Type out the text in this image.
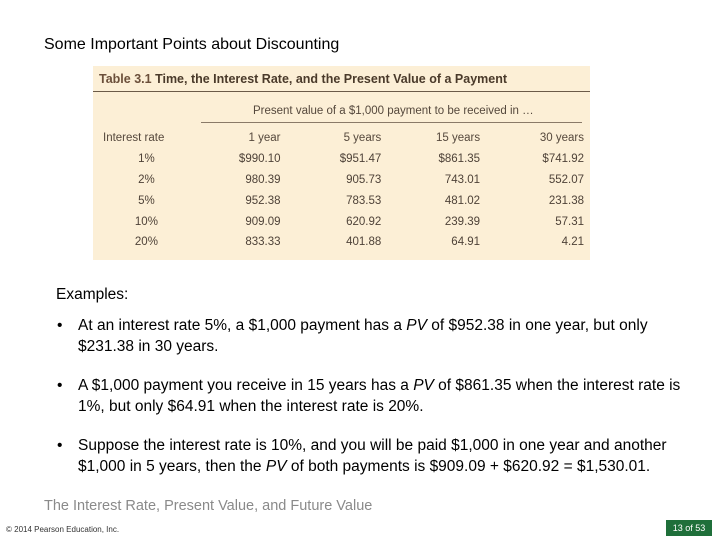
Some Important Points about Discounting
Table 3.1 Time, the Interest Rate, and the Present Value of a Payment
Present value of a $1,000 payment to be received in …
Interest rate	1 year	5 years	15 years	30 years
1%	$990.10	$951.47	$861.35	$741.92
2%	980.39	905.73	743.01	552.07
5%	952.38	783.53	481.02	231.38
10%	909.09	620.92	239.39	57.31
20%	833.33	401.88	64.91	4.21
Examples:
• At an interest rate 5%, a $1,000 payment has a PV of $952.38 in one year, but only $231.38 in 30 years.
• A $1,000 payment you receive in 15 years has a PV of $861.35 when the interest rate is 1%, but only $64.91 when the interest rate is 20%.
• Suppose the interest rate is 10%, and you will be paid $1,000 in one year and another $1,000 in 5 years, then the PV of both payments is $909.09 + $620.92 = $1,530.01.
The Interest Rate, Present Value, and Future Value
© 2014 Pearson Education, Inc.	13 of 53
